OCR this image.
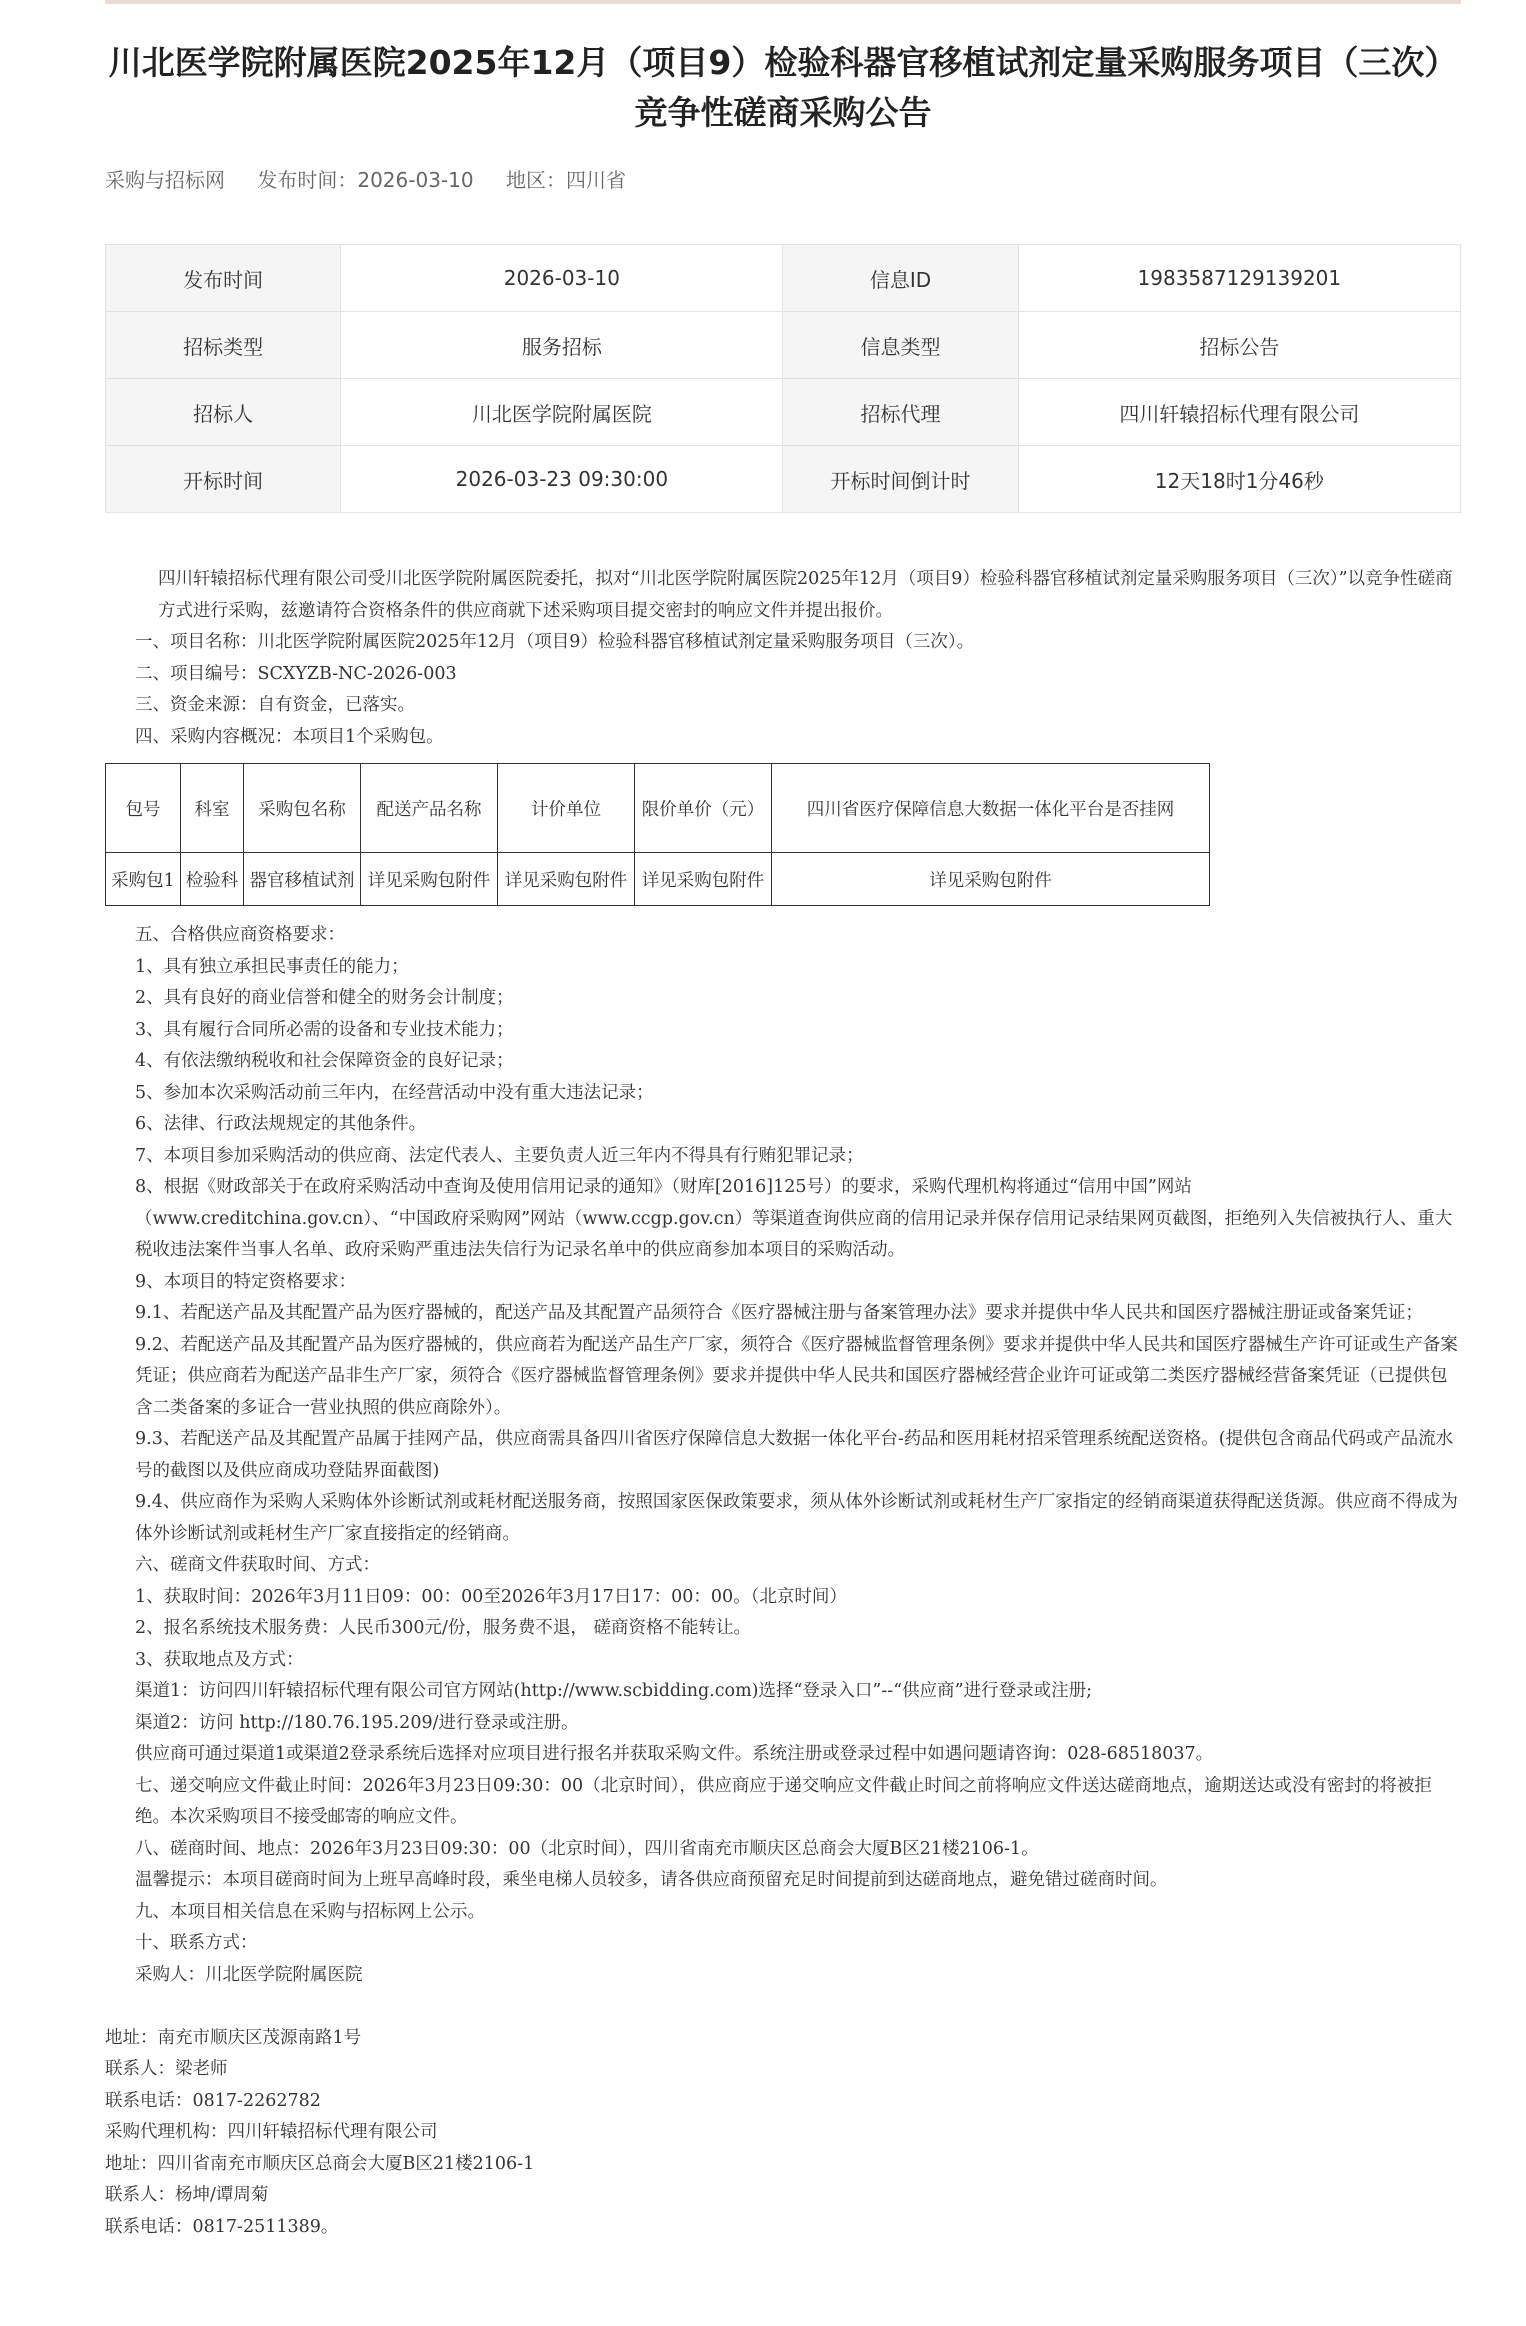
川北医学院附属医院2025年12月（项目9）检验科器官移植试剂定量采购服务项目（三次）竞争性磋商采购公告
采购与招标网 发布时间：2026-03-10 地区：四川省
发布时间	2026-03-10	信息ID	1983587129139201
招标类型	服务招标	信息类型	招标公告
招标人	川北医学院附属医院	招标代理	四川轩辕招标代理有限公司
开标时间	2026-03-23 09:30:00	开标时间倒计时	12天18时1分46秒

四川轩辕招标代理有限公司受川北医学院附属医院委托，拟对“川北医学院附属医院2025年12月（项目9）检验科器官移植试剂定量采购服务项目（三次）”以竞争性磋商方式进行采购，兹邀请符合资格条件的供应商就下述采购项目提交密封的响应文件并提出报价。

一、项目名称：川北医学院附属医院2025年12月（项目9）检验科器官移植试剂定量采购服务项目（三次）。

二、项目编号：SCXYZB-NC-2026-003

三、资金来源：自有资金，已落实。

四、采购内容概况：本项目1个采购包。

包号	科室	采购包名称	配送产品名称	计价单位	限价单价（元）	四川省医疗保障信息大数据一体化平台是否挂网
采购包1	检验科	器官移植试剂	详见采购包附件	详见采购包附件	详见采购包附件	详见采购包附件

五、合格供应商资格要求：

1、具有独立承担民事责任的能力；

2、具有良好的商业信誉和健全的财务会计制度；

3、具有履行合同所必需的设备和专业技术能力；

4、有依法缴纳税收和社会保障资金的良好记录；

5、参加本次采购活动前三年内，在经营活动中没有重大违法记录；

6、法律、行政法规规定的其他条件。

7、本项目参加采购活动的供应商、法定代表人、主要负责人近三年内不得具有行贿犯罪记录；

8、根据《财政部关于在政府采购活动中查询及使用信用记录的通知》（财库[2016]125号）的要求，采购代理机构将通过“信用中国”网站（www.creditchina.gov.cn）、“中国政府采购网”网站（www.ccgp.gov.cn）等渠道查询供应商的信用记录并保存信用记录结果网页截图，拒绝列入失信被执行人、重大税收违法案件当事人名单、政府采购严重违法失信行为记录名单中的供应商参加本项目的采购活动。

9、本项目的特定资格要求：

9.1、若配送产品及其配置产品为医疗器械的，配送产品及其配置产品须符合《医疗器械注册与备案管理办法》要求并提供中华人民共和国医疗器械注册证或备案凭证；

9.2、若配送产品及其配置产品为医疗器械的，供应商若为配送产品生产厂家，须符合《医疗器械监督管理条例》要求并提供中华人民共和国医疗器械生产许可证或生产备案凭证；供应商若为配送产品非生产厂家，须符合《医疗器械监督管理条例》要求并提供中华人民共和国医疗器械经营企业许可证或第二类医疗器械经营备案凭证（已提供包含二类备案的多证合一营业执照的供应商除外）。

9.3、若配送产品及其配置产品属于挂网产品，供应商需具备四川省医疗保障信息大数据一体化平台-药品和医用耗材招采管理系统配送资格。(提供包含商品代码或产品流水号的截图以及供应商成功登陆界面截图)

9.4、供应商作为采购人采购体外诊断试剂或耗材配送服务商，按照国家医保政策要求，须从体外诊断试剂或耗材生产厂家指定的经销商渠道获得配送货源。供应商不得成为体外诊断试剂或耗材生产厂家直接指定的经销商。

六、磋商文件获取时间、方式：

1、获取时间：2026年3月11日09：00：00至2026年3月17日17：00：00。（北京时间）

2、报名系统技术服务费：人民币300元/份，服务费不退， 磋商资格不能转让。

3、获取地点及方式：

渠道1：访问四川轩辕招标代理有限公司官方网站(http://www.scbidding.com)选择“登录入口”--“供应商”进行登录或注册;

渠道2：访问 http://180.76.195.209/进行登录或注册。

供应商可通过渠道1或渠道2登录系统后选择对应项目进行报名并获取采购文件。系统注册或登录过程中如遇问题请咨询：028-68518037。

七、递交响应文件截止时间：2026年3月23日09:30：00（北京时间），供应商应于递交响应文件截止时间之前将响应文件送达磋商地点，逾期送达或没有密封的将被拒绝。本次采购项目不接受邮寄的响应文件。

八、磋商时间、地点：2026年3月23日09:30：00（北京时间），四川省南充市顺庆区总商会大厦B区21楼2106-1。

温馨提示：本项目磋商时间为上班早高峰时段，乘坐电梯人员较多，请各供应商预留充足时间提前到达磋商地点，避免错过磋商时间。

九、本项目相关信息在采购与招标网上公示。

十、联系方式：

采购人：川北医学院附属医院

地址：南充市顺庆区茂源南路1号

联系人：梁老师

联系电话：0817-2262782

采购代理机构：四川轩辕招标代理有限公司

地址：四川省南充市顺庆区总商会大厦B区21楼2106-1

联系人：杨坤/谭周菊

联系电话：0817-2511389。
